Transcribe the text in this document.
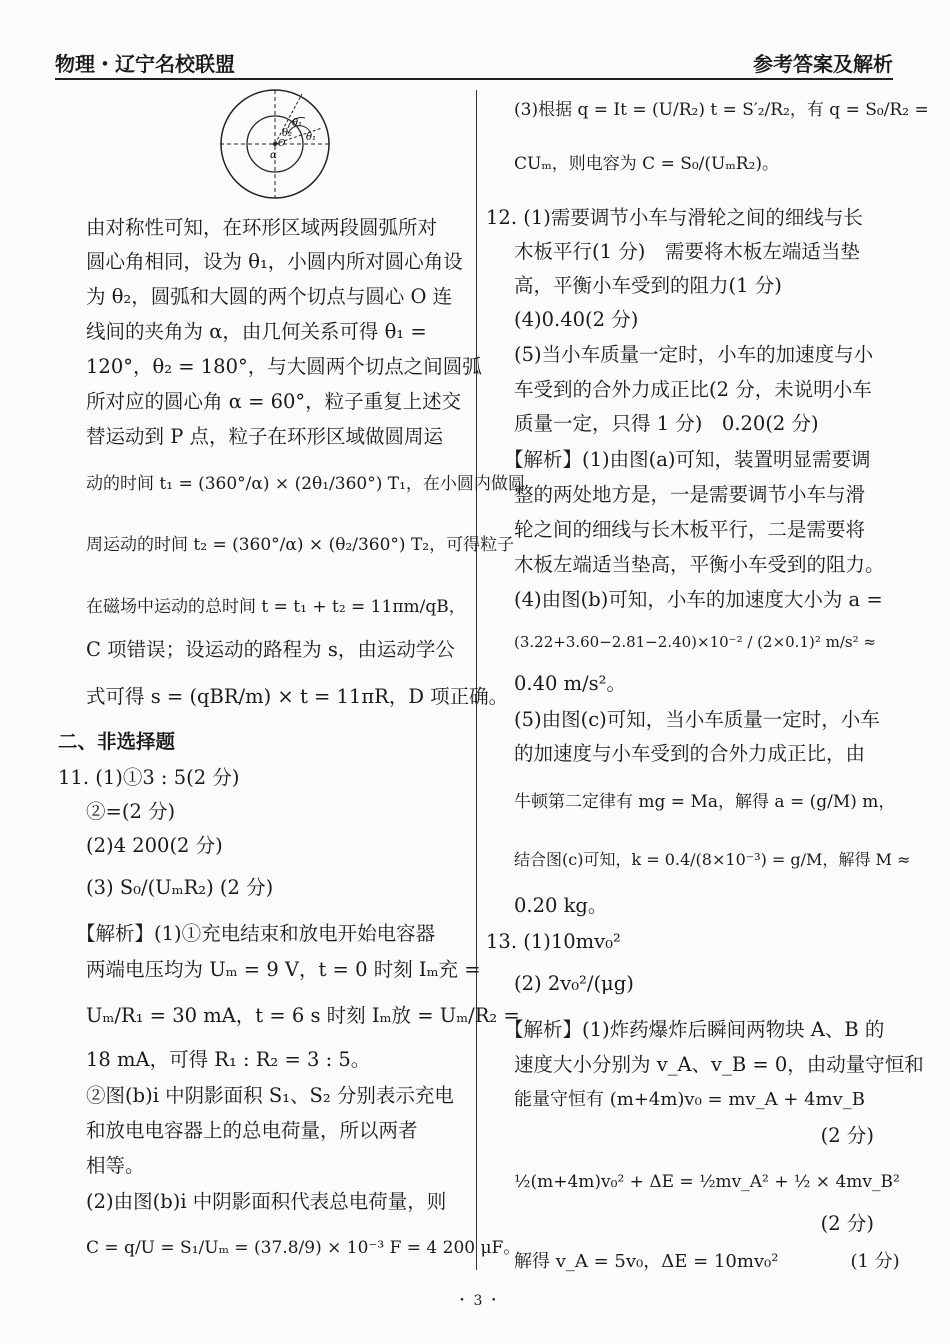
物理・辽宁名校联盟	参考答案及解析
θ₁
θ₂ θ₁
α
O
由对称性可知，在环形区域两段圆弧所对
圆心角相同，设为 θ₁，小圆内所对圆心角设
为 θ₂，圆弧和大圆的两个切点与圆心 O 连
线间的夹角为 α，由几何关系可得 θ₁ =
120°，θ₂ = 180°，与大圆两个切点之间圆弧
所对应的圆心角 α = 60°，粒子重复上述交
替运动到 P 点，粒子在环形区域做圆周运
动的时间 t₁ = (360°/α) × (2θ₁/360°) T₁，在小圆内做圆
周运动的时间 t₂ = (360°/α) × (θ₂/360°) T₂，可得粒子
在磁场中运动的总时间 t = t₁ + t₂ = 11πm/qB，
C 项错误；设运动的路程为 s，由运动学公
式可得 s = (qBR/m) × t = 11πR，D 项正确。
二、非选择题
11. (1)①3 : 5(2 分)
②=(2 分)
(2)4 200(2 分)
(3) S₀/(UₘR₂) (2 分)
【解析】(1)①充电结束和放电开始电容器
两端电压均为 Uₘ = 9 V，t = 0 时刻 Iₘ充 =
Uₘ/R₁ = 30 mA，t = 6 s 时刻 Iₘ放 = Uₘ/R₂ =
18 mA，可得 R₁ : R₂ = 3 : 5。
②图(b)i 中阴影面积 S₁、S₂ 分别表示充电
和放电电容器上的总电荷量，所以两者
相等。
(2)由图(b)i 中阴影面积代表总电荷量，则
C = q/U = S₁/Uₘ = (37.8/9) × 10⁻³ F = 4 200 μF。
(3)根据 q = It = (U/R₂) t = S′₂/R₂，有 q = S₀/R₂ =
CUₘ，则电容为 C = S₀/(UₘR₂)。
12. (1)需要调节小车与滑轮之间的细线与长
木板平行(1 分)　需要将木板左端适当垫
高，平衡小车受到的阻力(1 分)
(4)0.40(2 分)
(5)当小车质量一定时，小车的加速度与小
车受到的合外力成正比(2 分，未说明小车
质量一定，只得 1 分)　0.20(2 分)
【解析】(1)由图(a)可知，装置明显需要调
整的两处地方是，一是需要调节小车与滑
轮之间的细线与长木板平行，二是需要将
木板左端适当垫高，平衡小车受到的阻力。
(4)由图(b)可知，小车的加速度大小为 a =
(3.22+3.60−2.81−2.40)×10⁻² / (2×0.1)² m/s² ≈
0.40 m/s²。
(5)由图(c)可知，当小车质量一定时，小车
的加速度与小车受到的合外力成正比，由
牛顿第二定律有 mg = Ma，解得 a = (g/M) m，
结合图(c)可知，k = 0.4/(8×10⁻³) = g/M，解得 M ≈
0.20 kg。
13. (1)10mv₀²
(2) 2v₀²/(μg)
【解析】(1)炸药爆炸后瞬间两物块 A、B 的
速度大小分别为 v_A、v_B = 0，由动量守恒和
能量守恒有 (m+4m)v₀ = mv_A + 4mv_B
(2 分)
½(m+4m)v₀² + ΔE = ½mv_A² + ½ × 4mv_B²
(2 分)
解得 v_A = 5v₀，ΔE = 10mv₀²　　　　(1 分)
・ 3 ・
